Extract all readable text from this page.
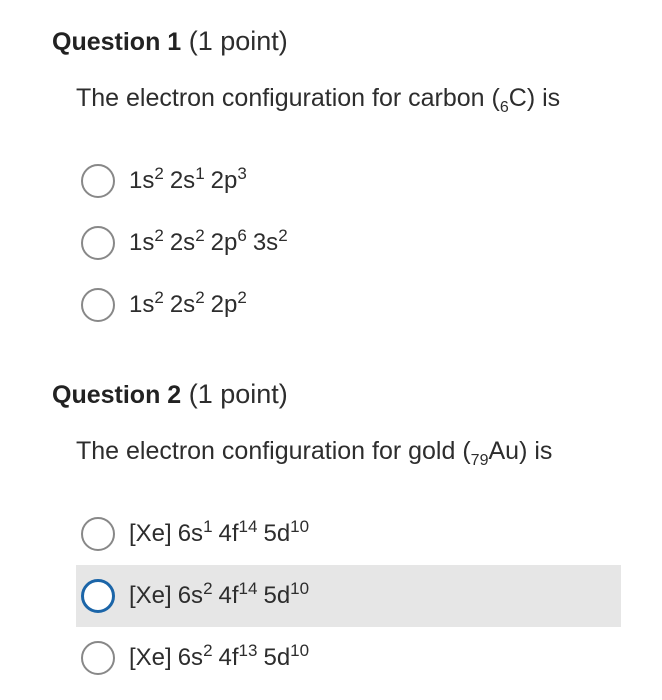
Question 1 (1 point)
The electron configuration for carbon $(_6C)$ is
$1s^2$ $2s^1$ $2p^3$
$1s^2$ $2s^2$ $2p^6$ $3s^2$
$1s^2$ $2s^2$ $2p^2$
Question 2 (1 point)
The electron configuration for gold $(_{79}Au)$ is
[Xe] $6s^1$ $4f^{14}$ $5d^{10}$
[Xe] $6s^2$ $4f^{14}$ $5d^{10}$
[Xe] $6s^2$ $4f^{13}$ $5d^{10}$
